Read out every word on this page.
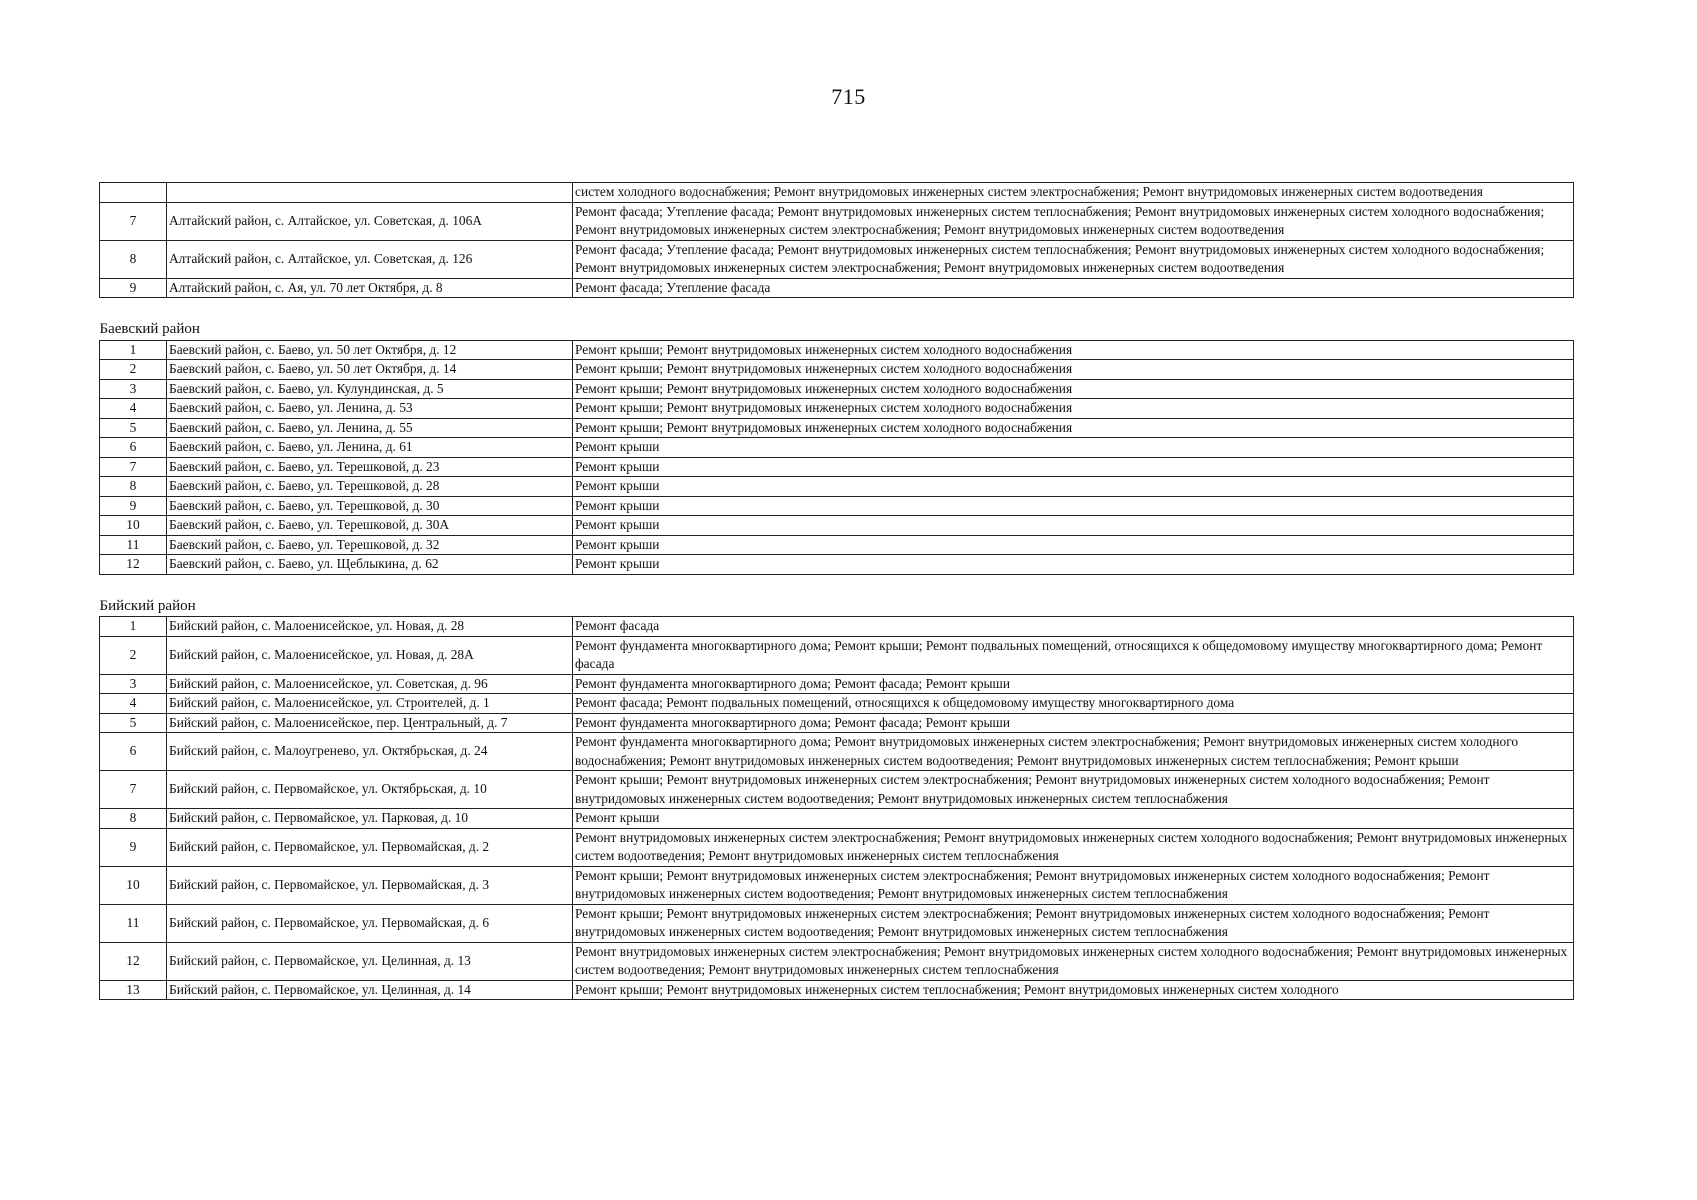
715
		систем холодного водоснабжения; Ремонт внутридомовых инженерных систем электроснабжения; Ремонт внутридомовых инженерных систем водоотведения
7	Алтайский район, с. Алтайское, ул. Советская, д. 106А	Ремонт фасада; Утепление фасада; Ремонт внутридомовых инженерных систем теплоснабжения; Ремонт внутридомовых инженерных систем холодного водоснабжения; Ремонт внутридомовых инженерных систем электроснабжения; Ремонт внутридомовых инженерных систем водоотведения
8	Алтайский район, с. Алтайское, ул. Советская, д. 126	Ремонт фасада; Утепление фасада; Ремонт внутридомовых инженерных систем теплоснабжения; Ремонт внутридомовых инженерных систем холодного водоснабжения; Ремонт внутридомовых инженерных систем электроснабжения; Ремонт внутридомовых инженерных систем водоотведения
9	Алтайский район, с. Ая, ул. 70 лет Октября, д. 8	Ремонт фасада; Утепление фасада
Баевский район		
1	Баевский район, с. Баево, ул. 50 лет Октября, д. 12	Ремонт крыши; Ремонт внутридомовых инженерных систем холодного водоснабжения
2	Баевский район, с. Баево, ул. 50 лет Октября, д. 14	Ремонт крыши; Ремонт внутридомовых инженерных систем холодного водоснабжения
3	Баевский район, с. Баево, ул. Кулундинская, д. 5	Ремонт крыши; Ремонт внутридомовых инженерных систем холодного водоснабжения
4	Баевский район, с. Баево, ул. Ленина, д. 53	Ремонт крыши; Ремонт внутридомовых инженерных систем холодного водоснабжения
5	Баевский район, с. Баево, ул. Ленина, д. 55	Ремонт крыши; Ремонт внутридомовых инженерных систем холодного водоснабжения
6	Баевский район, с. Баево, ул. Ленина, д. 61	Ремонт крыши
7	Баевский район, с. Баево, ул. Терешковой, д. 23	Ремонт крыши
8	Баевский район, с. Баево, ул. Терешковой, д. 28	Ремонт крыши
9	Баевский район, с. Баево, ул. Терешковой, д. 30	Ремонт крыши
10	Баевский район, с. Баево, ул. Терешковой, д. 30А	Ремонт крыши
11	Баевский район, с. Баево, ул. Терешковой, д. 32	Ремонт крыши
12	Баевский район, с. Баево, ул. Щеблыкина, д. 62	Ремонт крыши
Бийский район		
1	Бийский район, с. Малоенисейское, ул. Новая, д. 28	Ремонт фасада
2	Бийский район, с. Малоенисейское, ул. Новая, д. 28А	Ремонт фундамента многоквартирного дома; Ремонт крыши; Ремонт подвальных помещений, относящихся к общедомовому имуществу многоквартирного дома; Ремонт фасада
3	Бийский район, с. Малоенисейское, ул. Советская, д. 96	Ремонт фундамента многоквартирного дома; Ремонт фасада; Ремонт крыши
4	Бийский район, с. Малоенисейское, ул. Строителей, д. 1	Ремонт фасада; Ремонт подвальных помещений, относящихся к общедомовому имуществу многоквартирного дома
5	Бийский район, с. Малоенисейское, пер. Центральный, д. 7	Ремонт фундамента многоквартирного дома; Ремонт фасада; Ремонт крыши
6	Бийский район, с. Малоугренево, ул. Октябрьская, д. 24	Ремонт фундамента многоквартирного дома; Ремонт внутридомовых инженерных систем электроснабжения; Ремонт внутридомовых инженерных систем холодного водоснабжения; Ремонт внутридомовых инженерных систем водоотведения; Ремонт внутридомовых инженерных систем теплоснабжения; Ремонт крыши
7	Бийский район, с. Первомайское, ул. Октябрьская, д. 10	Ремонт крыши; Ремонт внутридомовых инженерных систем электроснабжения; Ремонт внутридомовых инженерных систем холодного водоснабжения; Ремонт внутридомовых инженерных систем водоотведения; Ремонт внутридомовых инженерных систем теплоснабжения
8	Бийский район, с. Первомайское, ул. Парковая, д. 10	Ремонт крыши
9	Бийский район, с. Первомайское, ул. Первомайская, д. 2	Ремонт внутридомовых инженерных систем электроснабжения; Ремонт внутридомовых инженерных систем холодного водоснабжения; Ремонт внутридомовых инженерных систем водоотведения; Ремонт внутридомовых инженерных систем теплоснабжения
10	Бийский район, с. Первомайское, ул. Первомайская, д. 3	Ремонт крыши; Ремонт внутридомовых инженерных систем электроснабжения; Ремонт внутридомовых инженерных систем холодного водоснабжения; Ремонт внутридомовых инженерных систем водоотведения; Ремонт внутридомовых инженерных систем теплоснабжения
11	Бийский район, с. Первомайское, ул. Первомайская, д. 6	Ремонт крыши; Ремонт внутридомовых инженерных систем электроснабжения; Ремонт внутридомовых инженерных систем холодного водоснабжения; Ремонт внутридомовых инженерных систем водоотведения; Ремонт внутридомовых инженерных систем теплоснабжения
12	Бийский район, с. Первомайское, ул. Целинная, д. 13	Ремонт внутридомовых инженерных систем электроснабжения; Ремонт внутридомовых инженерных систем холодного водоснабжения; Ремонт внутридомовых инженерных систем водоотведения; Ремонт внутридомовых инженерных систем теплоснабжения
13	Бийский район, с. Первомайское, ул. Целинная, д. 14	Ремонт крыши; Ремонт внутридомовых инженерных систем теплоснабжения; Ремонт внутридомовых инженерных систем холодного
